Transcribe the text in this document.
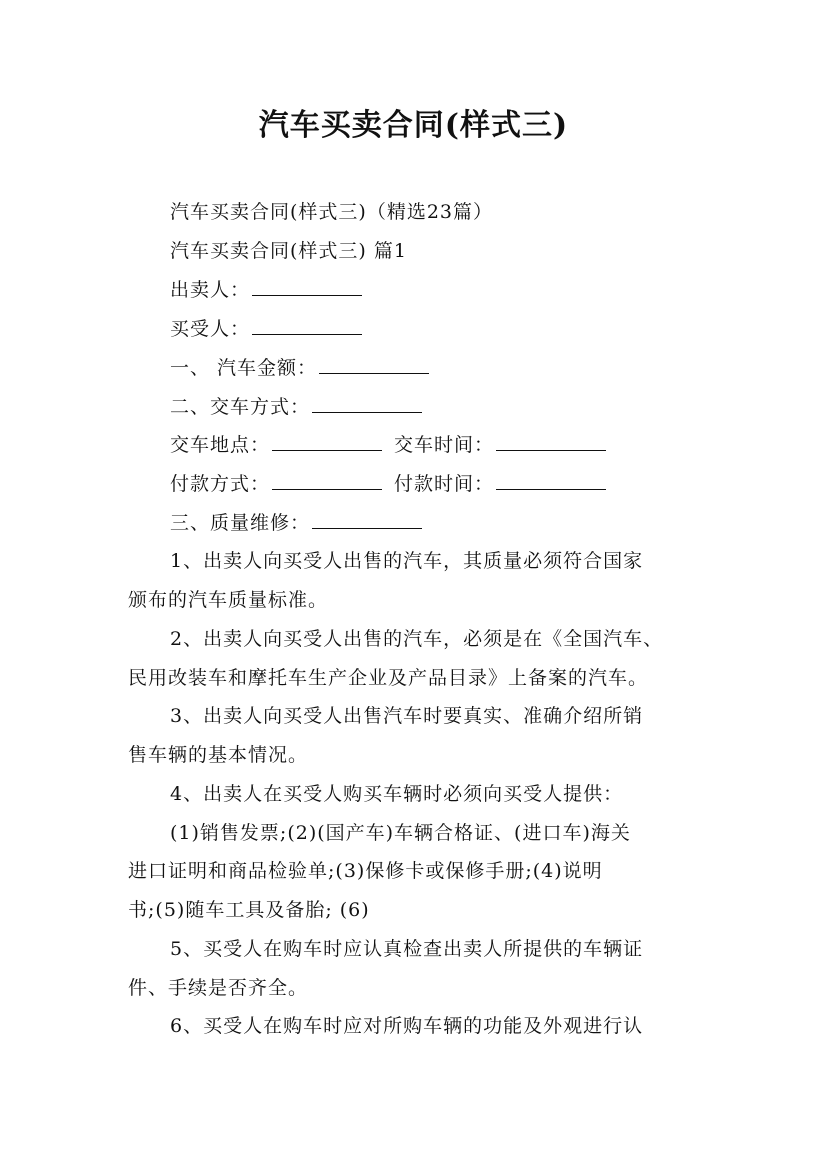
汽车买卖合同(样式三)
汽车买卖合同(样式三)（精选23篇）
汽车买卖合同(样式三) 篇1
出卖人：
买受人：
一、 汽车金额：
二、交车方式：
交车地点：	交车时间：
付款方式：	付款时间：
三、质量维修：
1、出卖人向买受人出售的汽车，其质量必须符合国家
颁布的汽车质量标准。
2、出卖人向买受人出售的汽车，必须是在《全国汽车、
民用改装车和摩托车生产企业及产品目录》上备案的汽车。
3、出卖人向买受人出售汽车时要真实、准确介绍所销
售车辆的基本情况。
4、出卖人在买受人购买车辆时必须向买受人提供：
(1)销售发票;(2)(国产车)车辆合格证、(进口车)海关
进口证明和商品检验单;(3)保修卡或保修手册;(4)说明
书;(5)随车工具及备胎; (6)
5、买受人在购车时应认真检查出卖人所提供的车辆证
件、手续是否齐全。
6、买受人在购车时应对所购车辆的功能及外观进行认
